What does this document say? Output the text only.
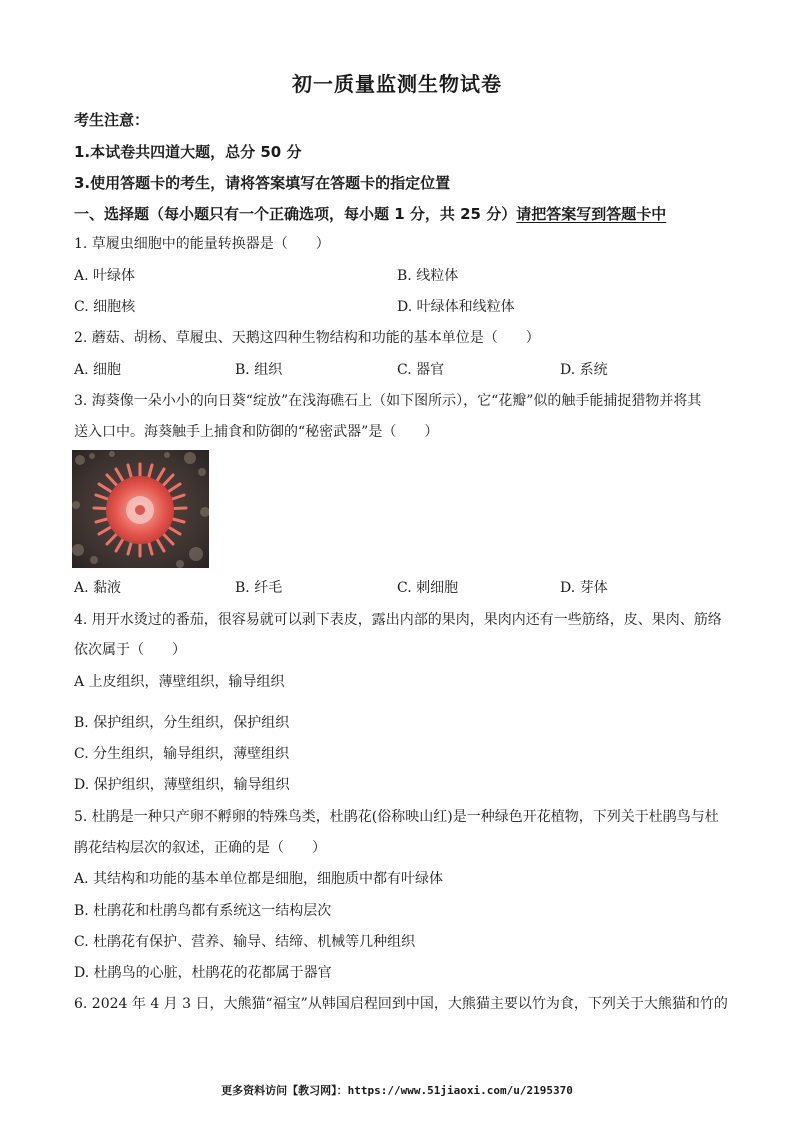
初一质量监测生物试卷
考生注意：
1.本试卷共四道大题，总分 50 分
3.使用答题卡的考生，请将答案填写在答题卡的指定位置
一、选择题（每小题只有一个正确选项，每小题 1 分，共 25 分）请把答案写到答题卡中
1. 草履虫细胞中的能量转换器是（　　）
A. 叶绿体	B. 线粒体
C. 细胞核	D. 叶绿体和线粒体
2. 蘑菇、胡杨、草履虫、天鹅这四种生物结构和功能的基本单位是（　　）
A. 细胞	B. 组织	C. 器官	D. 系统
3. 海葵像一朵小小的向日葵“绽放”在浅海礁石上（如下图所示），它“花瓣”似的触手能捕捉猎物并将其
送入口中。海葵触手上捕食和防御的“秘密武器”是（　　）
A. 黏液	B. 纤毛	C. 刺细胞	D. 芽体
4. 用开水烫过的番茄，很容易就可以剥下表皮，露出内部的果肉，果肉内还有一些筋络，皮、果肉、筋络
依次属于（　　）
A 上皮组织，薄壁组织，输导组织
B. 保护组织，分生组织，保护组织
C. 分生组织，输导组织，薄壁组织
D. 保护组织，薄壁组织，输导组织
5. 杜鹃是一种只产卵不孵卵的特殊鸟类，杜鹃花(俗称映山红)是一种绿色开花植物，下列关于杜鹃鸟与杜
鹃花结构层次的叙述，正确的是（　　）
A. 其结构和功能的基本单位都是细胞，细胞质中都有叶绿体
B. 杜鹃花和杜鹃鸟都有系统这一结构层次
C. 杜鹃花有保护、营养、输导、结缔、机械等几种组织
D. 杜鹃鸟的心脏，杜鹃花的花都属于器官
6. 2024 年 4 月 3 日，大熊猫“福宝”从韩国启程回到中国，大熊猫主要以竹为食，下列关于大熊猫和竹的
更多资料访问【教习网】：https://www.51jiaoxi.com/u/2195370
